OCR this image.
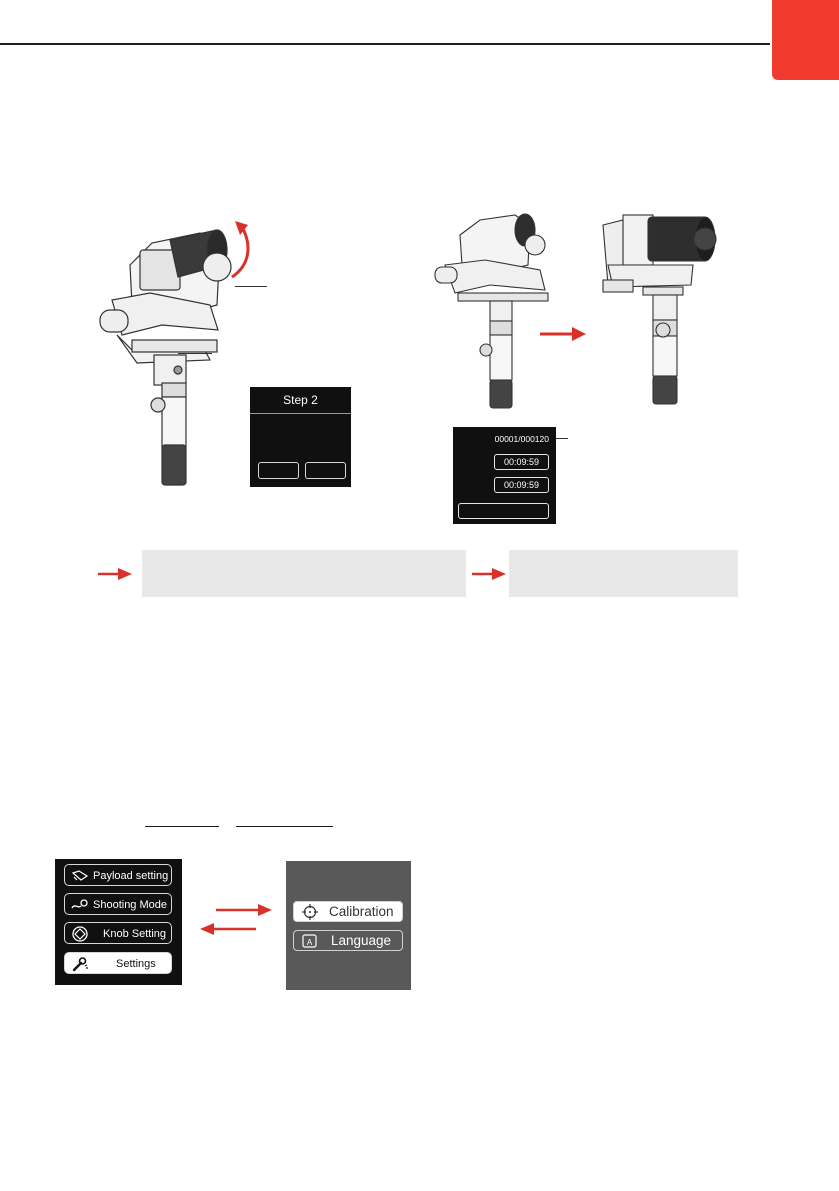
Step 2
00001/000120
00:09:59
00:09:59
Payload setting
Shooting Mode
Knob Setting
Settings
Calibration
A Language
